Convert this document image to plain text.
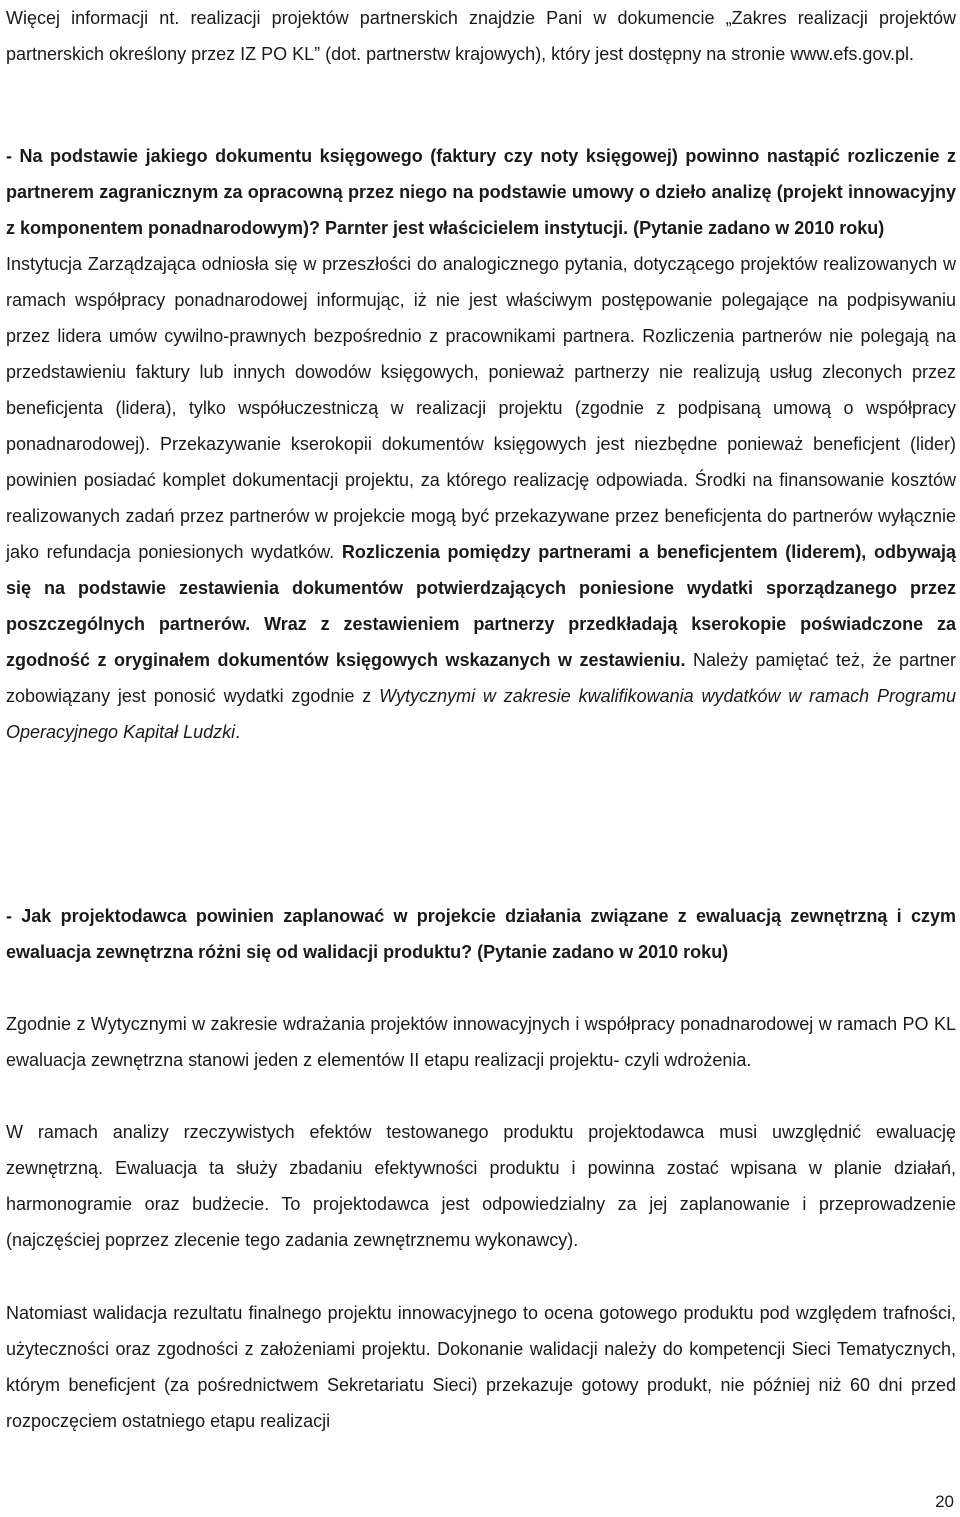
Więcej informacji nt. realizacji projektów partnerskich znajdzie Pani w dokumencie „Zakres realizacji projektów partnerskich określony przez IZ PO KL” (dot. partnerstw krajowych), który jest dostępny na stronie www.efs.gov.pl.

- Na podstawie jakiego dokumentu księgowego (faktury czy noty księgowej) powinno nastąpić rozliczenie z partnerem zagranicznym za opracowną przez niego na podstawie umowy o dzieło analizę (projekt innowacyjny z komponentem ponadnarodowym)? Parnter jest właścicielem instytucji. (Pytanie zadano w 2010 roku)
Instytucja Zarządzająca odniosła się w przeszłości do analogicznego pytania, dotyczącego projektów realizowanych w ramach współpracy ponadnarodowej informując, iż nie jest właściwym postępowanie polegające na podpisywaniu przez lidera umów cywilno-prawnych bezpośrednio z pracownikami partnera. Rozliczenia partnerów nie polegają na przedstawieniu faktury lub innych dowodów księgowych, ponieważ partnerzy nie realizują usług zleconych przez beneficjenta (lidera), tylko współuczestniczą w realizacji projektu (zgodnie z podpisaną umową o współpracy ponadnarodowej). Przekazywanie kserokopii dokumentów księgowych jest niezbędne ponieważ beneficjent (lider) powinien posiadać komplet dokumentacji projektu, za którego realizację odpowiada. Środki na finansowanie kosztów realizowanych zadań przez partnerów w projekcie mogą być przekazywane przez beneficjenta do partnerów wyłącznie jako refundacja poniesionych wydatków. Rozliczenia pomiędzy partnerami a beneficjentem (liderem), odbywają się na podstawie zestawienia dokumentów potwierdzających poniesione wydatki sporządzanego przez poszczególnych partnerów. Wraz z zestawieniem partnerzy przedkładają kserokopie poświadczone za zgodność z oryginałem dokumentów księgowych wskazanych w zestawieniu. Należy pamiętać też, że partner zobowiązany jest ponosić wydatki zgodnie z Wytycznymi w zakresie kwalifikowania wydatków w ramach Programu Operacyjnego Kapitał Ludzki.

- Jak projektodawca powinien zaplanować w projekcie działania związane z ewaluacją zewnętrzną i czym ewaluacja zewnętrzna różni się od walidacji produktu? (Pytanie zadano w 2010 roku)

Zgodnie z Wytycznymi w zakresie wdrażania projektów innowacyjnych i współpracy ponadnarodowej w ramach PO KL ewaluacja zewnętrzna stanowi jeden z elementów II etapu realizacji projektu- czyli wdrożenia.

W ramach analizy rzeczywistych efektów testowanego produktu projektodawca musi uwzględnić ewaluację zewnętrzną. Ewaluacja ta służy zbadaniu efektywności produktu i powinna zostać wpisana w planie działań, harmonogramie oraz budżecie. To projektodawca jest odpowiedzialny za jej zaplanowanie i przeprowadzenie (najczęściej poprzez zlecenie tego zadania zewnętrznemu wykonawcy).

Natomiast walidacja rezultatu finalnego projektu innowacyjnego to ocena gotowego produktu pod względem trafności, użyteczności oraz zgodności z założeniami projektu. Dokonanie walidacji należy do kompetencji Sieci Tematycznych, którym beneficjent (za pośrednictwem Sekretariatu Sieci) przekazuje gotowy produkt, nie później niż 60 dni przed rozpoczęciem ostatniego etapu realizacji

20
